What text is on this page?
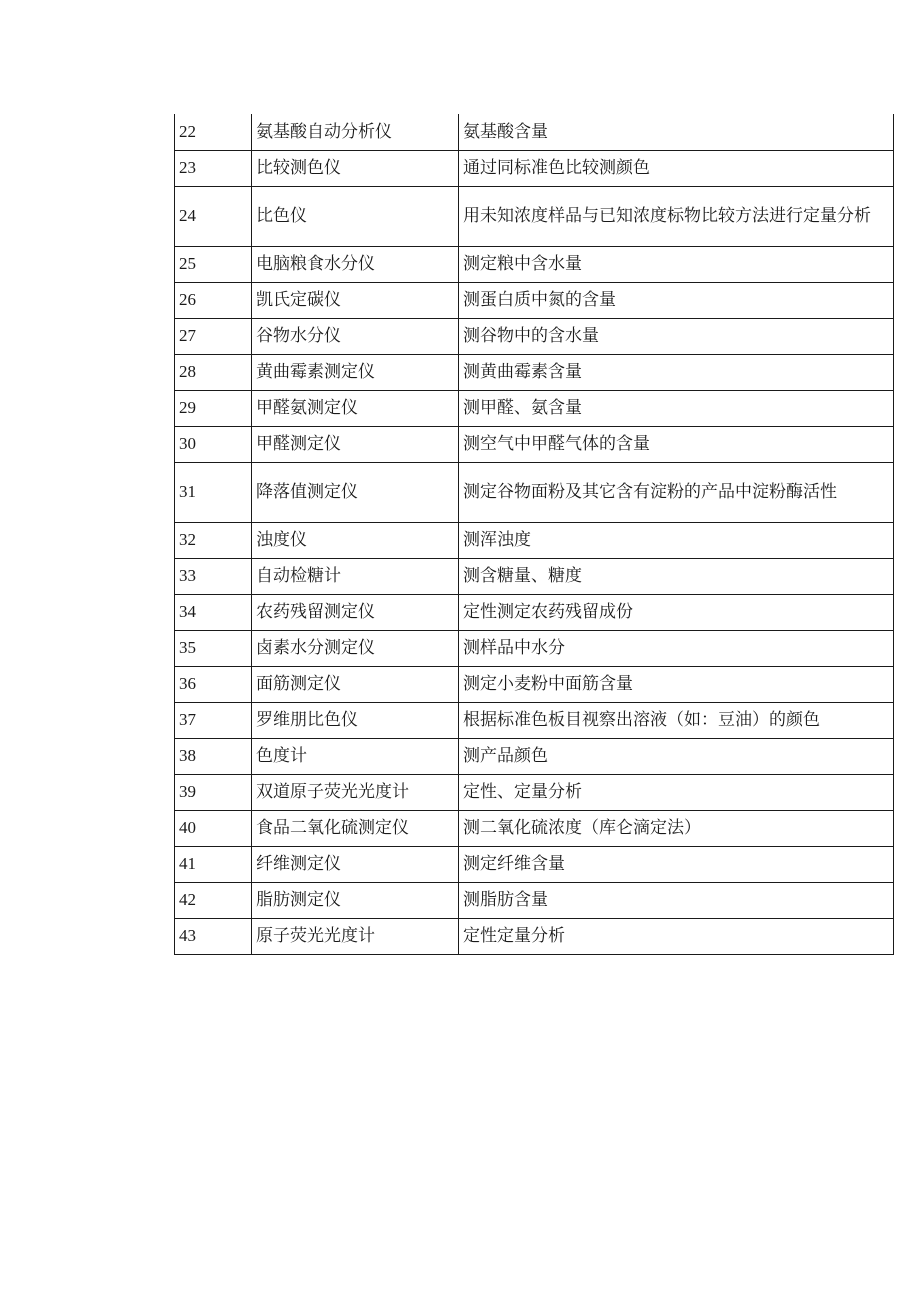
22	氨基酸自动分析仪	氨基酸含量
23	比较测色仪	通过同标准色比较测颜色
24	比色仪	用未知浓度样品与已知浓度标物比较方法进行定量分析
25	电脑粮食水分仪	测定粮中含水量
26	凯氏定碳仪	测蛋白质中氮的含量
27	谷物水分仪	测谷物中的含水量
28	黄曲霉素测定仪	测黄曲霉素含量
29	甲醛氨测定仪	测甲醛、氨含量
30	甲醛测定仪	测空气中甲醛气体的含量
31	降落值测定仪	测定谷物面粉及其它含有淀粉的产品中淀粉酶活性
32	浊度仪	测浑浊度
33	自动检糖计	测含糖量、糖度
34	农药残留测定仪	定性测定农药残留成份
35	卤素水分测定仪	测样品中水分
36	面筋测定仪	测定小麦粉中面筋含量
37	罗维朋比色仪	根据标准色板目视察出溶液（如：豆油）的颜色
38	色度计	测产品颜色
39	双道原子荧光光度计	定性、定量分析
40	食品二氧化硫测定仪	测二氧化硫浓度（库仑滴定法）
41	纤维测定仪	测定纤维含量
42	脂肪测定仪	测脂肪含量
43	原子荧光光度计	定性定量分析
